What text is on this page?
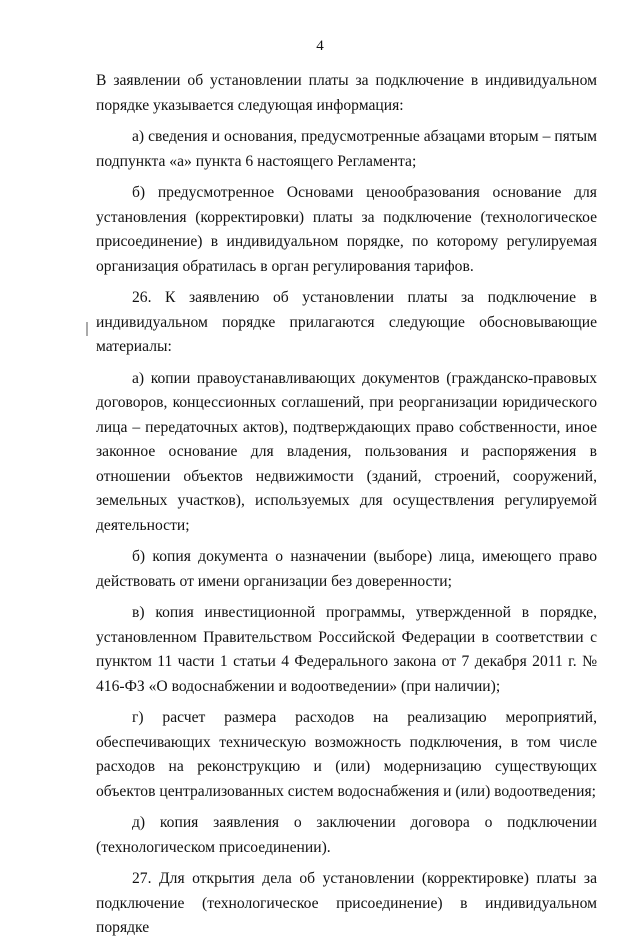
4

В заявлении об установлении платы за подключение в индивидуальном порядке указывается следующая информация:

а) сведения и основания, предусмотренные абзацами вторым – пятым подпункта «а» пункта 6 настоящего Регламента;

б) предусмотренное Основами ценообразования основание для установления (корректировки) платы за подключение (технологическое присоединение) в индивидуальном порядке, по которому регулируемая организация обратилась в орган регулирования тарифов.

26. К заявлению об установлении платы за подключение в индивидуальном порядке прилагаются следующие обосновывающие материалы:

а) копии правоустанавливающих документов (гражданско-правовых договоров, концессионных соглашений, при реорганизации юридического лица – передаточных актов), подтверждающих право собственности, иное законное основание для владения, пользования и распоряжения в отношении объектов недвижимости (зданий, строений, сооружений, земельных участков), используемых для осуществления регулируемой деятельности;

б) копия документа о назначении (выборе) лица, имеющего право действовать от имени организации без доверенности;

в) копия инвестиционной программы, утвержденной в порядке, установленном Правительством Российской Федерации в соответствии с пунктом 11 части 1 статьи 4 Федерального закона от 7 декабря 2011 г. № 416-ФЗ «О водоснабжении и водоотведении» (при наличии);

г) расчет размера расходов на реализацию мероприятий, обеспечивающих техническую возможность подключения, в том числе расходов на реконструкцию и (или) модернизацию существующих объектов централизованных систем водоснабжения и (или) водоотведения;

д) копия заявления о заключении договора о подключении (технологическом присоединении).

27. Для открытия дела об установлении (корректировке) платы за подключение (технологическое присоединение) в индивидуальном порядке
